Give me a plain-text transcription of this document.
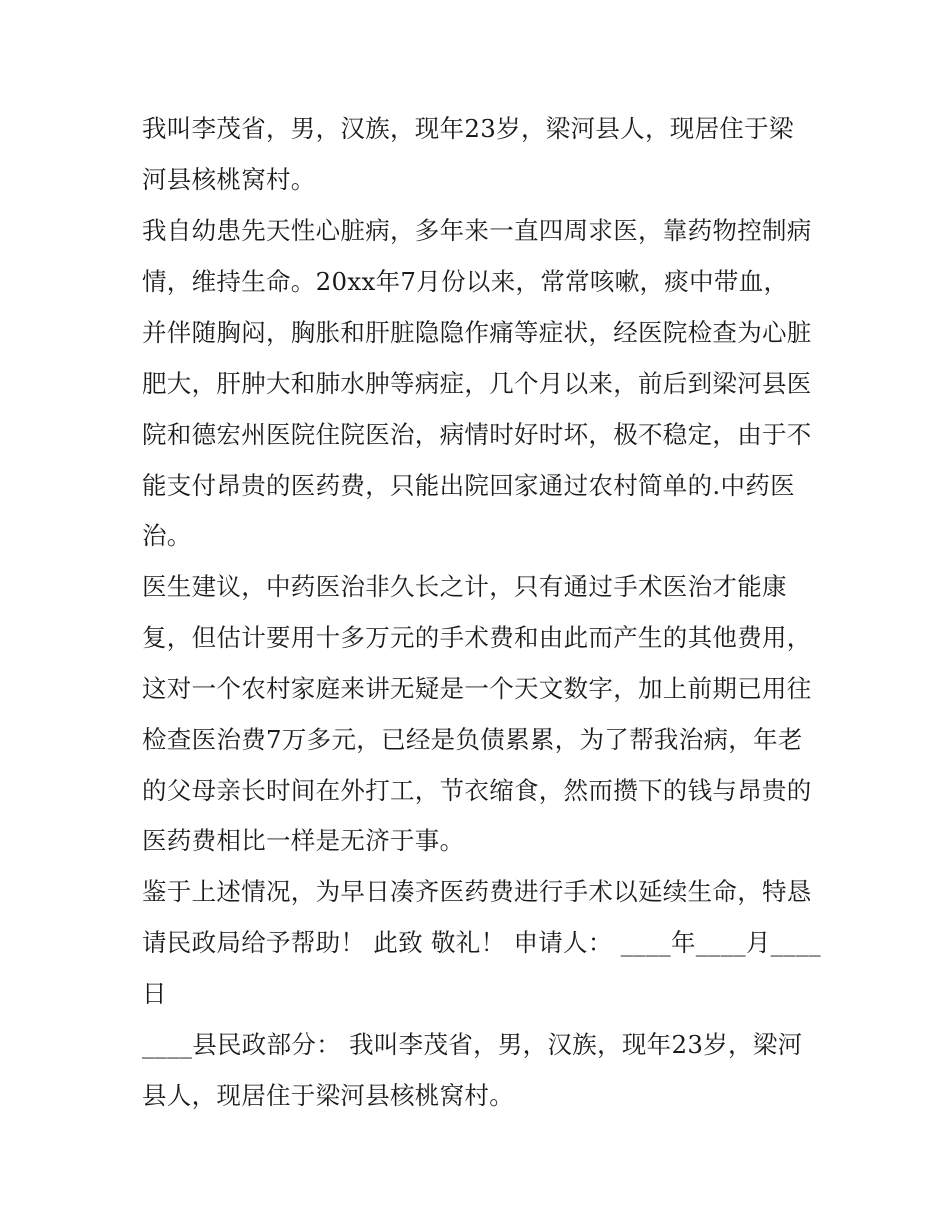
我叫李茂省，男，汉族，现年23岁，梁河县人，现居住于梁
河县核桃窝村。
我自幼患先天性心脏病，多年来一直四周求医，靠药物控制病
情，维持生命。20xx年7月份以来，常常咳嗽，痰中带血，
并伴随胸闷，胸胀和肝脏隐隐作痛等症状，经医院检查为心脏
肥大，肝肿大和肺水肿等病症，几个月以来，前后到梁河县医
院和德宏州医院住院医治，病情时好时坏，极不稳定，由于不
能支付昂贵的医药费，只能出院回家通过农村简单的.中药医
治。
医生建议，中药医治非久长之计，只有通过手术医治才能康
复，但估计要用十多万元的手术费和由此而产生的其他费用，
这对一个农村家庭来讲无疑是一个天文数字，加上前期已用往
检查医治费7万多元，已经是负债累累，为了帮我治病，年老
的父母亲长时间在外打工，节衣缩食，然而攒下的钱与昂贵的
医药费相比一样是无济于事。
鉴于上述情况，为早日凑齐医药费进行手术以延续生命，特恳
请民政局给予帮助！ 此致 敬礼！ 申请人： ____年____月____
日
____县民政部分： 我叫李茂省，男，汉族，现年23岁，梁河
县人，现居住于梁河县核桃窝村。
